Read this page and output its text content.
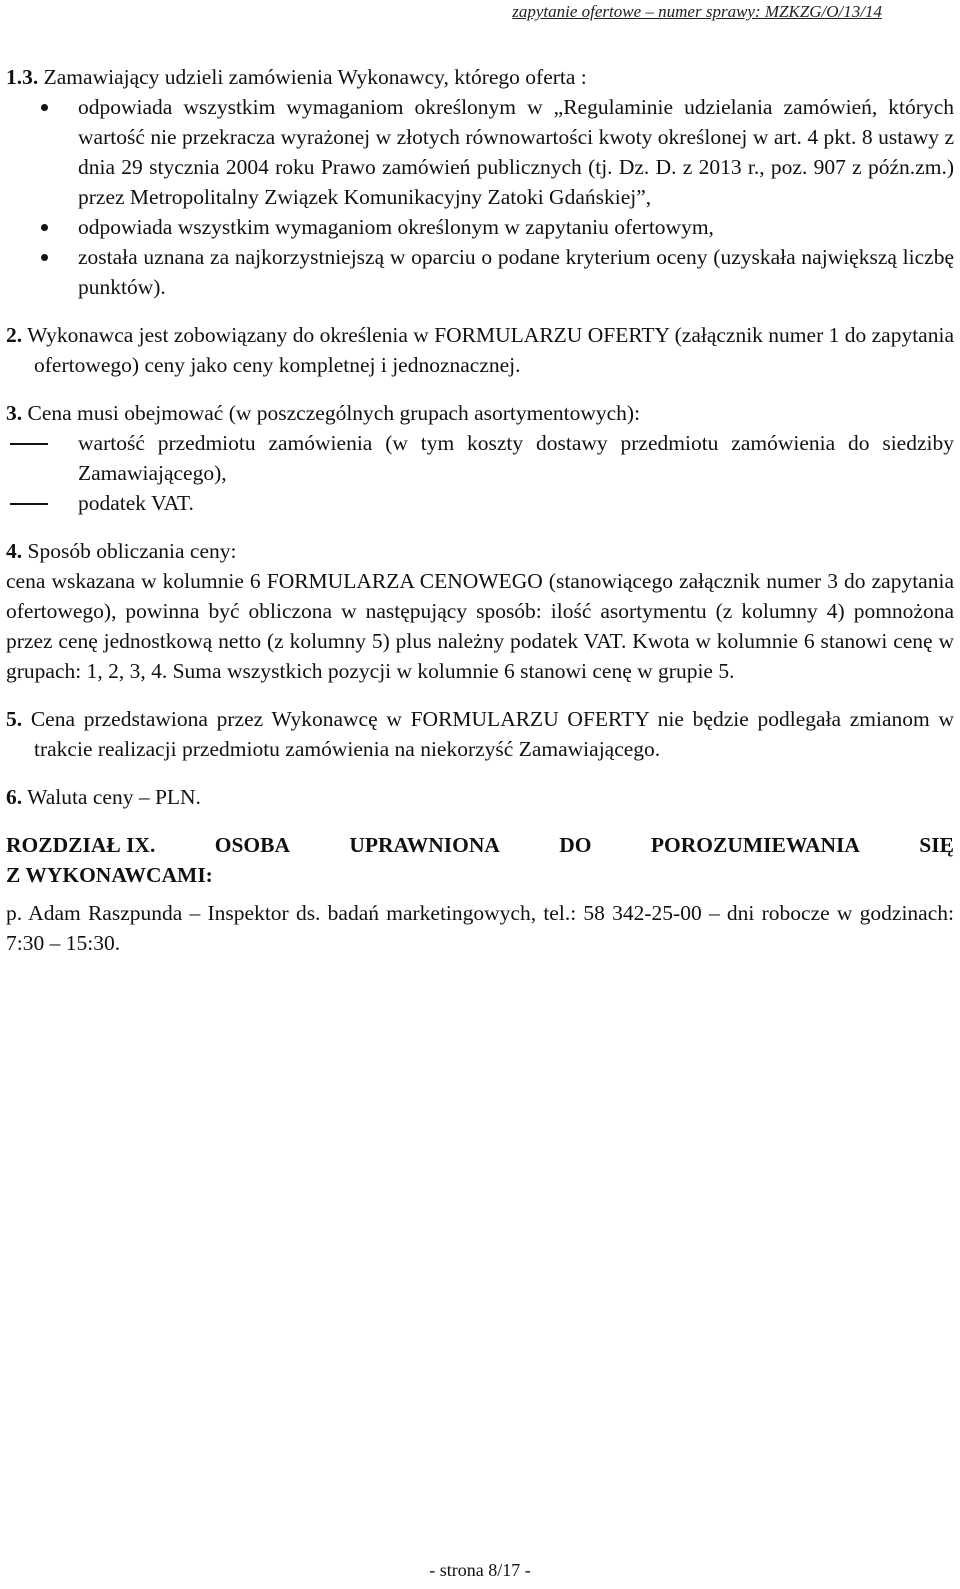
zapytanie ofertowe – numer sprawy: MZKZG/O/13/14
1.3. Zamawiający udzieli zamówienia Wykonawcy, którego oferta :
odpowiada wszystkim wymaganiom określonym w „Regulaminie udzielania zamówień, których wartość nie przekracza wyrażonej w złotych równowartości kwoty określonej w art. 4 pkt. 8 ustawy z dnia 29 stycznia 2004 roku Prawo zamówień publicznych (tj. Dz. D. z 2013 r., poz. 907 z późn.zm.) przez Metropolitalny Związek Komunikacyjny Zatoki Gdańskiej”,
odpowiada wszystkim wymaganiom określonym w zapytaniu ofertowym,
została uznana za najkorzystniejszą w oparciu o podane kryterium oceny (uzyskała największą liczbę punktów).
2. Wykonawca jest zobowiązany do określenia w FORMULARZU OFERTY (załącznik numer 1 do zapytania ofertowego) ceny jako ceny kompletnej i jednoznacznej.
3. Cena musi obejmować (w poszczególnych grupach asortymentowych):
wartość przedmiotu zamówienia (w tym koszty dostawy przedmiotu zamówienia do siedziby Zamawiającego),
podatek VAT.
4. Sposób obliczania ceny:
cena wskazana w kolumnie 6 FORMULARZA CENOWEGO (stanowiącego załącznik numer 3 do zapytania ofertowego), powinna być obliczona w następujący sposób: ilość asortymentu (z kolumny 4) pomnożona przez cenę jednostkową netto (z kolumny 5) plus należny podatek VAT. Kwota w kolumnie 6 stanowi cenę w grupach: 1, 2, 3, 4. Suma wszystkich pozycji w kolumnie 6 stanowi cenę w grupie 5.
5. Cena przedstawiona przez Wykonawcę w FORMULARZU OFERTY nie będzie podlegała zmianom w trakcie realizacji przedmiotu zamówienia na niekorzyść Zamawiającego.
6. Waluta ceny – PLN.
ROZDZIAŁ IX.	OSOBA	UPRAWNIONA	DO	POROZUMIEWANIA	SIĘ
Z WYKONAWCAMI:
p. Adam Raszpunda – Inspektor ds. badań marketingowych, tel.: 58 342-25-00 – dni robocze w godzinach: 7:30 – 15:30.
- strona 8/17 -
